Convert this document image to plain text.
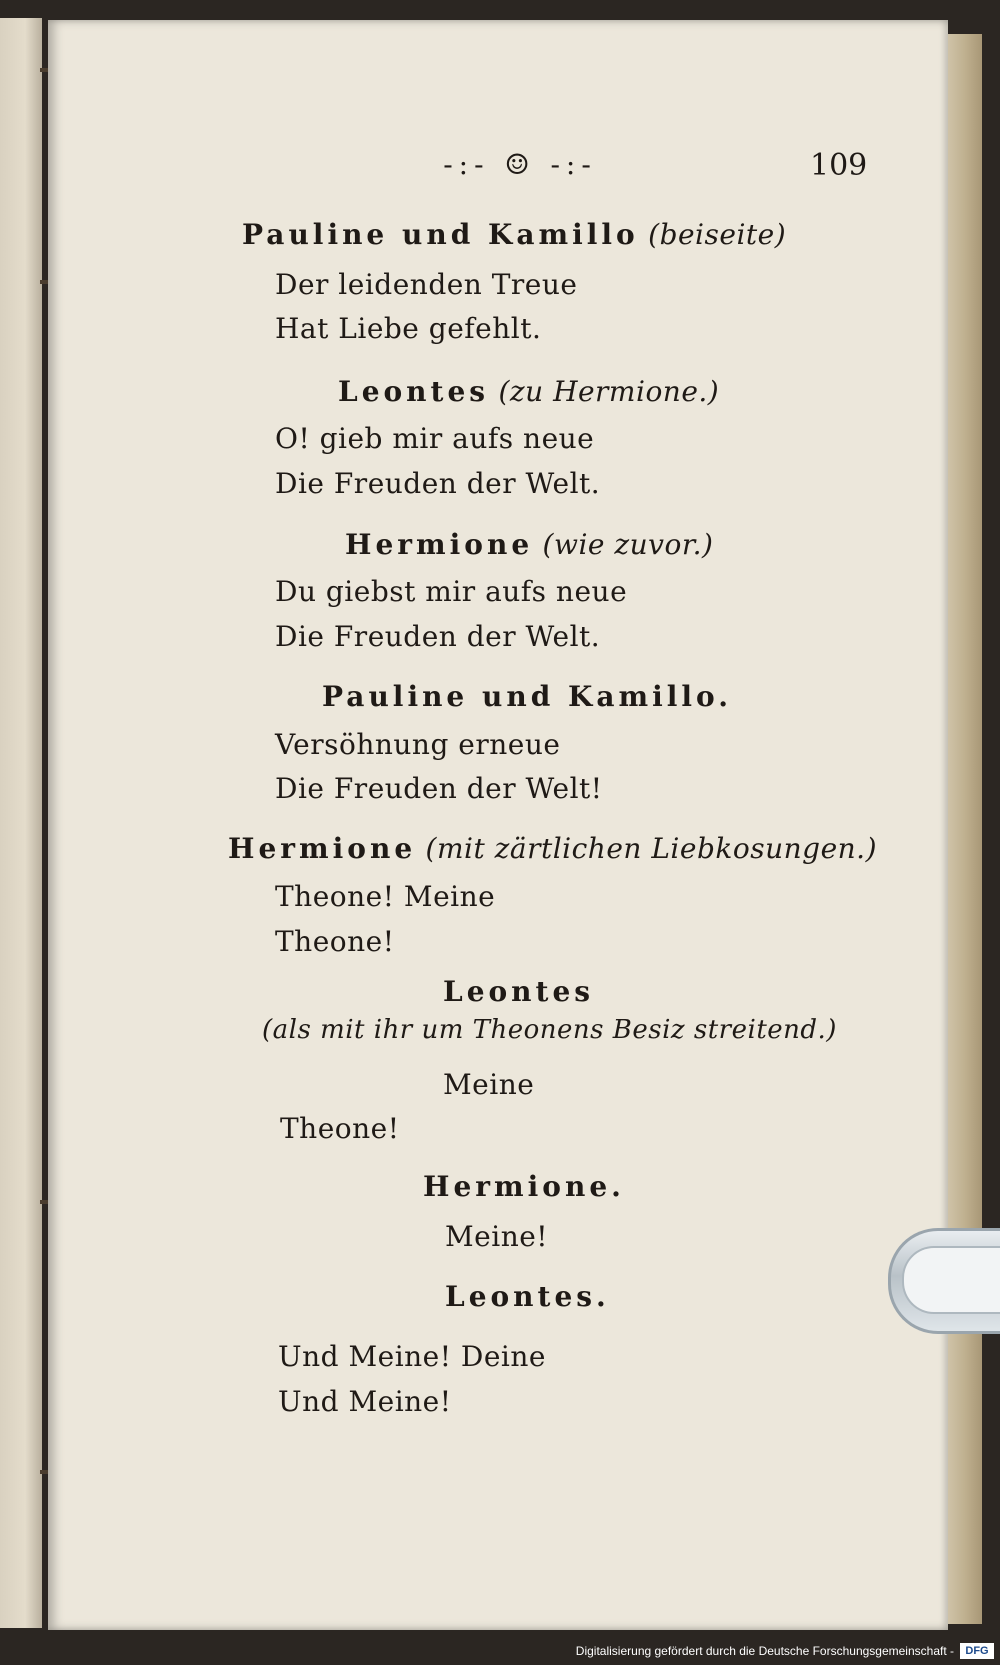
-:- ☺ -:-	109
Pauline und Kamillo (beiseite)
Der leidenden Treue
Hat Liebe gefehlt.
Leontes (zu Hermione.)
O! gieb mir aufs neue
Die Freuden der Welt.
Hermione (wie zuvor.)
Du giebst mir aufs neue
Die Freuden der Welt.
Pauline und Kamillo.
Versöhnung erneue
Die Freuden der Welt!
Hermione (mit zärtlichen Liebkosungen.)
Theone! Meine
Theone!
Leontes
(als mit ihr um Theonens Besiz streitend.)
Meine
Theone!
Hermione.
Meine!
Leontes.
Und Meine! Deine
Und Meine!
Digitalisierung gefördert durch die Deutsche Forschungsgemeinschaft -	DFG
